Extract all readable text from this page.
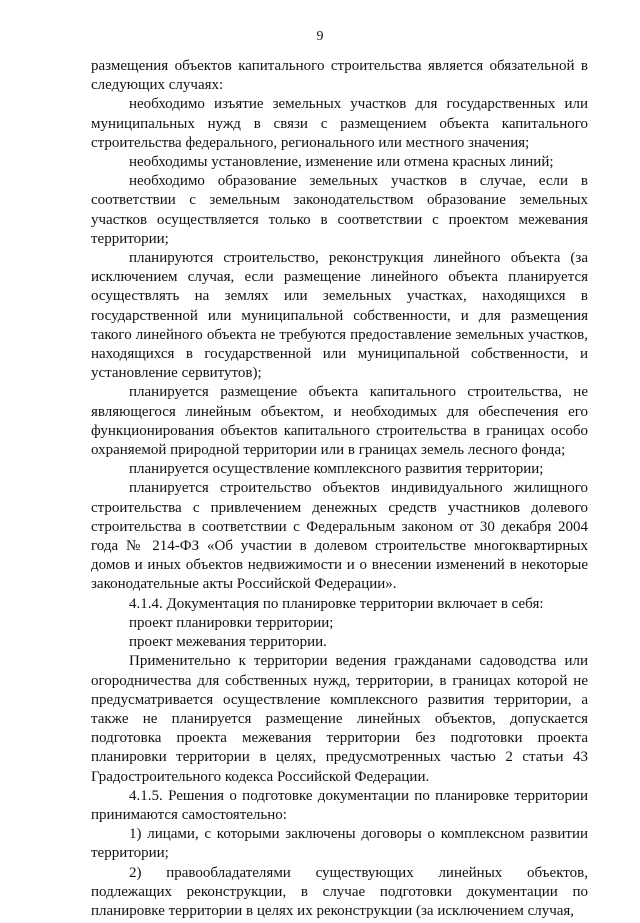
9

размещения объектов капитального строительства является обязательной в следующих случаях:

необходимо изъятие земельных участков для государственных или муниципальных нужд в связи с размещением объекта капитального строительства федерального, регионального или местного значения;

необходимы установление, изменение или отмена красных линий;

необходимо образование земельных участков в случае, если в соответствии с земельным законодательством образование земельных участков осуществляется только в соответствии с проектом межевания территории;

планируются строительство, реконструкция линейного объекта (за исключением случая, если размещение линейного объекта планируется осуществлять на землях или земельных участках, находящихся в государственной или муниципальной собственности, и для размещения такого линейного объекта не требуются предоставление земельных участков, находящихся в государственной или муниципальной собственности, и установление сервитутов);

планируется размещение объекта капитального строительства, не являющегося линейным объектом, и необходимых для обеспечения его функционирования объектов капитального строительства в границах особо охраняемой природной территории или в границах земель лесного фонда;

планируется осуществление комплексного развития территории;

планируется строительство объектов индивидуального жилищного строительства с привлечением денежных средств участников долевого строительства в соответствии с Федеральным законом от 30 декабря 2004 года № 214-ФЗ «Об участии в долевом строительстве многоквартирных домов и иных объектов недвижимости и о внесении изменений в некоторые законодательные акты Российской Федерации».

4.1.4. Документация по планировке территории включает в себя:

проект планировки территории;

проект межевания территории.

Применительно к территории ведения гражданами садоводства или огородничества для собственных нужд, территории, в границах которой не предусматривается осуществление комплексного развития территории, а также не планируется размещение линейных объектов, допускается подготовка проекта межевания территории без подготовки проекта планировки территории в целях, предусмотренных частью 2 статьи 43 Градостроительного кодекса Российской Федерации.

4.1.5. Решения о подготовке документации по планировке территории принимаются самостоятельно:

1) лицами, с которыми заключены договоры о комплексном развитии территории;

2) правообладателями существующих линейных объектов, подлежащих реконструкции, в случае подготовки документации по планировке территории в целях их реконструкции (за исключением случая,
